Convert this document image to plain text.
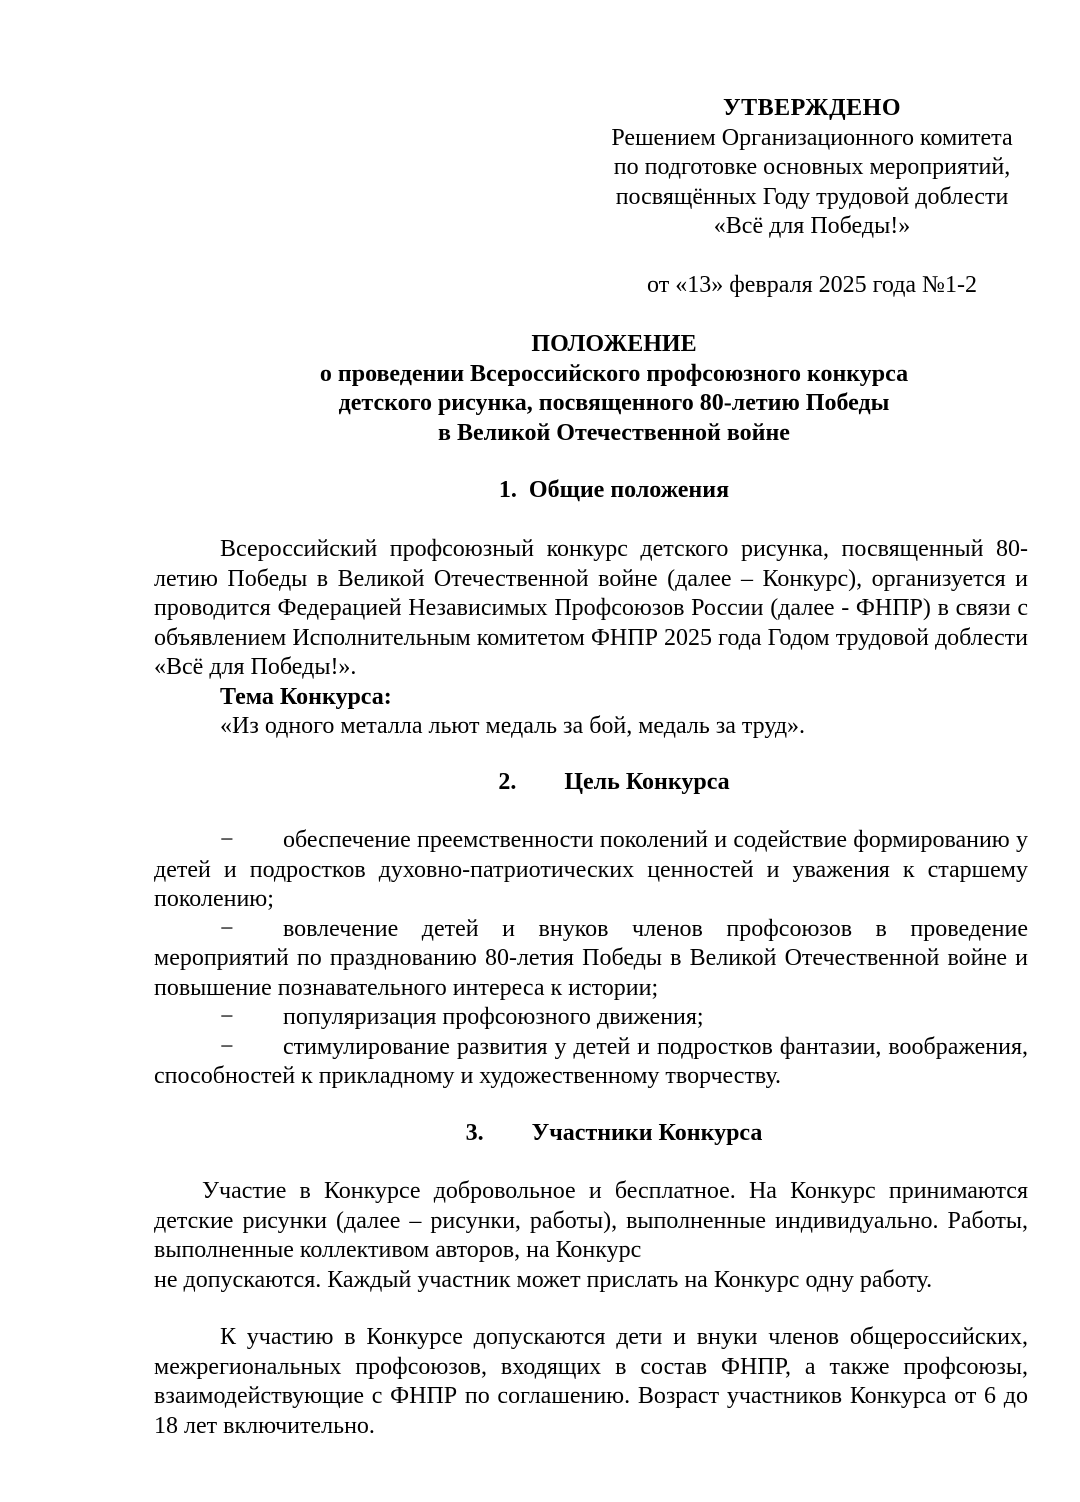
УТВЕРЖДЕНО
Решением Организационного комитета
по подготовке основных мероприятий,
посвящённых Году трудовой доблести
«Всё для Победы!»
от «13» февраля 2025 года №1-2
ПОЛОЖЕНИЕ
о проведении Всероссийского профсоюзного конкурса
детского рисунка, посвященного 80-летию Победы
в Великой Отечественной войне
1. Общие положения

Всероссийский профсоюзный конкурс детского рисунка, посвященный 80-летию Победы в Великой Отечественной войне (далее – Конкурс), организуется и проводится Федерацией Независимых Профсоюзов России (далее - ФНПР) в связи с объявлением Исполнительным комитетом ФНПР 2025 года Годом трудовой доблести «Всё для Победы!».

Тема Конкурса:

«Из одного металла льют медаль за бой, медаль за труд».

2. Цель Конкурса

− обеспечение преемственности поколений и содействие формированию у детей и подростков духовно-патриотических ценностей и уважения к старшему поколению;

− вовлечение детей и внуков членов профсоюзов в проведение мероприятий по празднованию 80-летия Победы в Великой Отечественной войне и повышение познавательного интереса к истории;

− популяризация профсоюзного движения;

− стимулирование развития у детей и подростков фантазии, воображения, способностей к прикладному и художественному творчеству.

3. Участники Конкурса

Участие в Конкурсе добровольное и бесплатное. На Конкурс принимаются детские рисунки (далее – рисунки, работы), выполненные индивидуально. Работы, выполненные коллективом авторов, на Конкурс

не допускаются. Каждый участник может прислать на Конкурс одну работу.

К участию в Конкурсе допускаются дети и внуки членов общероссийских, межрегиональных профсоюзов, входящих в состав ФНПР, а также профсоюзы, взаимодействующие с ФНПР по соглашению. Возраст участников Конкурса от 6 до 18 лет включительно.
